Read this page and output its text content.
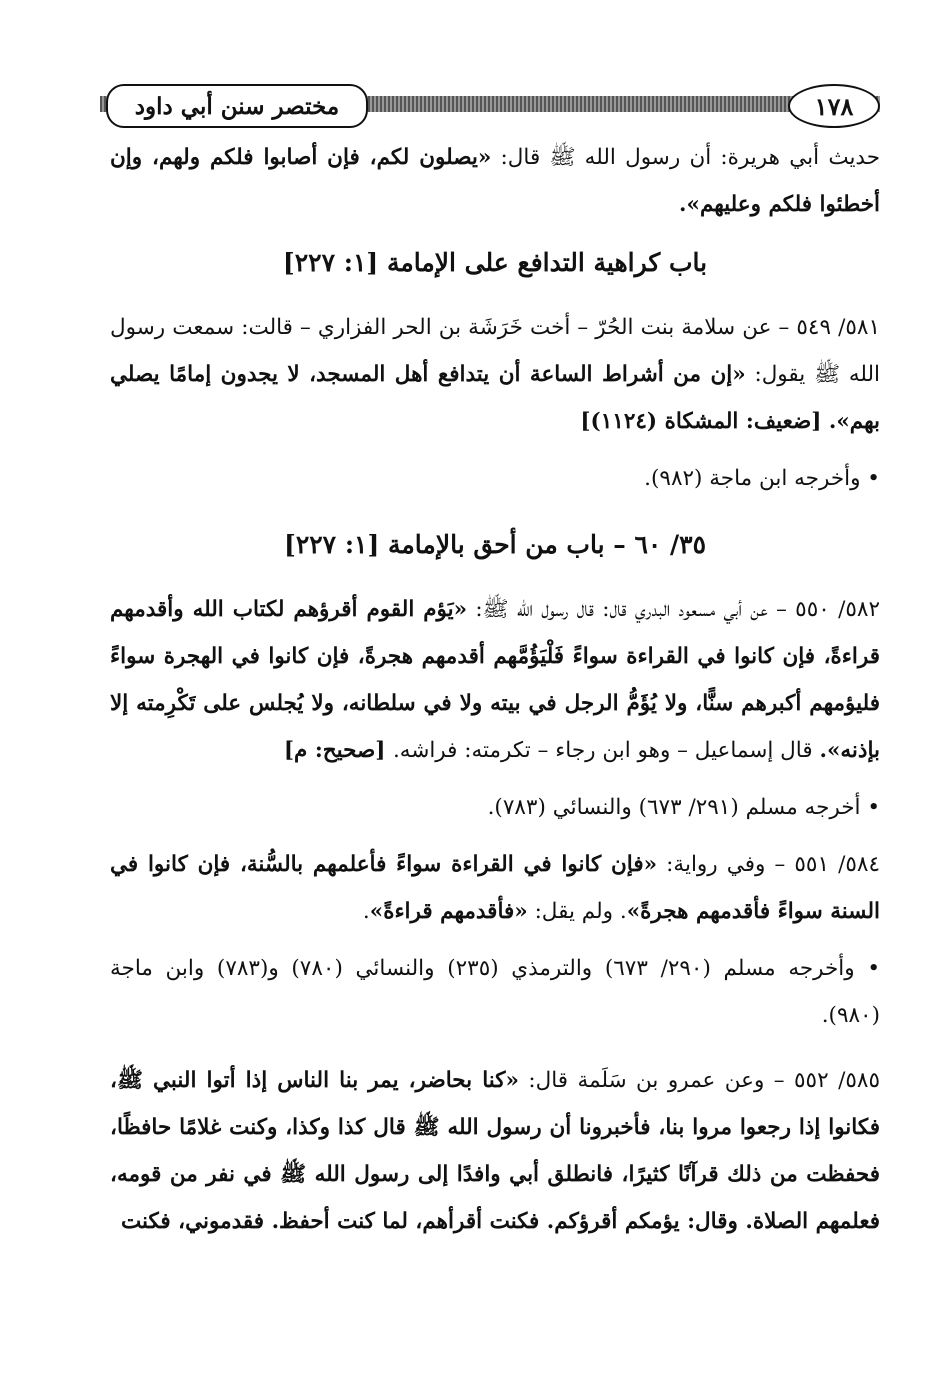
مختصر سنن أبي داود	١٧٨

حديث أبي هريرة: أن رسول الله ﷺ قال: «يصلون لكم، فإن أصابوا فلكم ولهم، وإن أخطئوا فلكم وعليهم».

باب كراهية التدافع على الإمامة [١: ٢٢٧]

٥٨١/ ٥٤٩ – عن سلامة بنت الحُرّ – أخت خَرَشَة بن الحر الفزاري – قالت: سمعت رسول الله ﷺ يقول: «إن من أشراط الساعة أن يتدافع أهل المسجد، لا يجدون إمامًا يصلي بهم». [ضعيف: المشكاة (١١٢٤)]

• وأخرجه ابن ماجة (٩٨٢).

٣٥/ ٦٠ – باب من أحق بالإمامة [١: ٢٢٧]

٥٨٢/ ٥٥٠ – عن أبي مسعود البدري قال: قال رسول الله ﷺ: «يَؤم القوم أقرؤهم لكتاب الله وأقدمهم قراءةً، فإن كانوا في القراءة سواءً فَلْيَؤُمَّهم أقدمهم هجرةً، فإن كانوا في الهجرة سواءً فليؤمهم أكبرهم سنًّا، ولا يُؤَمُّ الرجل في بيته ولا في سلطانه، ولا يُجلس على تَكْرِمته إلا بإذنه». قال إسماعيل – وهو ابن رجاء – تكرمته: فراشه. [صحيح: م]

• أخرجه مسلم (٢٩١/ ٦٧٣) والنسائي (٧٨٣).

٥٨٤/ ٥٥١ – وفي رواية: «فإن كانوا في القراءة سواءً فأعلمهم بالسُّنة، فإن كانوا في السنة سواءً فأقدمهم هجرةً». ولم يقل: «فأقدمهم قراءةً».

• وأخرجه مسلم (٢٩٠/ ٦٧٣) والترمذي (٢٣٥) والنسائي (٧٨٠) و(٧٨٣) وابن ماجة (٩٨٠).

٥٨٥/ ٥٥٢ – وعن عمرو بن سَلَمة قال: «كنا بحاضر، يمر بنا الناس إذا أتوا النبي ﷺ، فكانوا إذا رجعوا مروا بنا، فأخبرونا أن رسول الله ﷺ قال كذا وكذا، وكنت غلامًا حافظًا، فحفظت من ذلك قرآنًا كثيرًا، فانطلق أبي وافدًا إلى رسول الله ﷺ في نفر من قومه، فعلمهم الصلاة. وقال: يؤمكم أقرؤكم. فكنت أقرأهم، لما كنت أحفظ. فقدموني، فكنت
